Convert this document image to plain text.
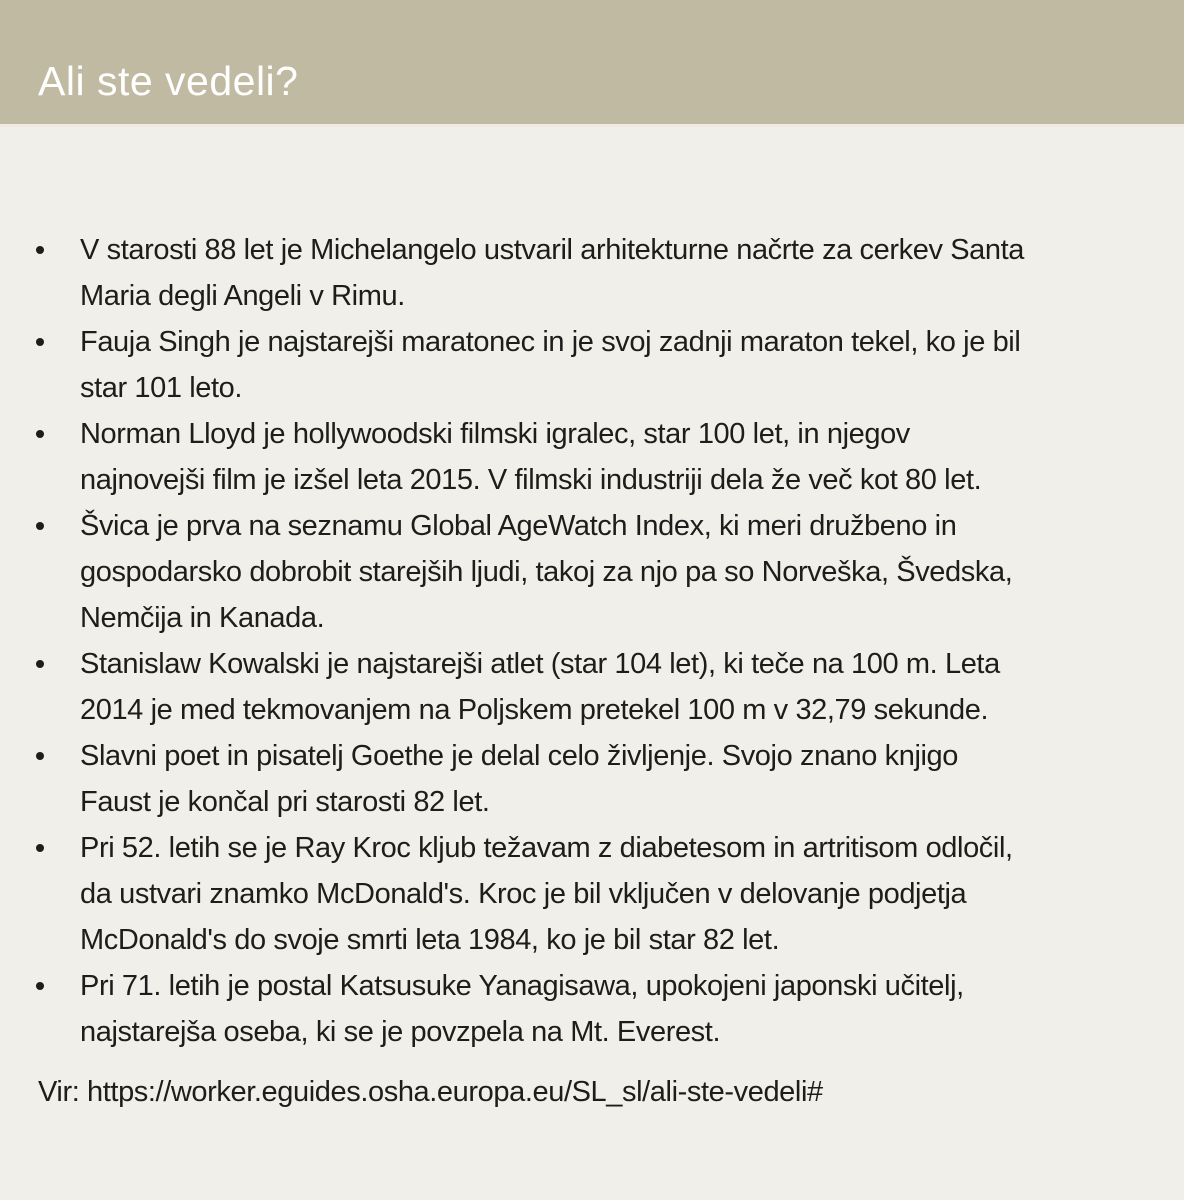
Ali ste vedeli?
V starosti 88 let je Michelangelo ustvaril arhitekturne načrte za cerkev Santa
Maria degli Angeli v Rimu.
Fauja Singh je najstarejši maratonec in je svoj zadnji maraton tekel, ko je bil
star 101 leto.
Norman Lloyd je hollywoodski filmski igralec, star 100 let, in njegov
najnovejši film je izšel leta 2015. V filmski industriji dela že več kot 80 let.
Švica je prva na seznamu Global AgeWatch Index, ki meri družbeno in
gospodarsko dobrobit starejših ljudi, takoj za njo pa so Norveška, Švedska,
Nemčija in Kanada.
Stanislaw Kowalski je najstarejši atlet (star 104 let), ki teče na 100 m. Leta
2014 je med tekmovanjem na Poljskem pretekel 100 m v 32,79 sekunde.
Slavni poet in pisatelj Goethe je delal celo življenje. Svojo znano knjigo
Faust je končal pri starosti 82 let.
Pri 52. letih se je Ray Kroc kljub težavam z diabetesom in artritisom odločil,
da ustvari znamko McDonald's. Kroc je bil vključen v delovanje podjetja
McDonald's do svoje smrti leta 1984, ko je bil star 82 let.
Pri 71. letih je postal Katsusuke Yanagisawa, upokojeni japonski učitelj,
najstarejša oseba, ki se je povzpela na Mt. Everest.

Vir: https://worker.eguides.osha.europa.eu/SL_sl/ali-ste-vedeli#
